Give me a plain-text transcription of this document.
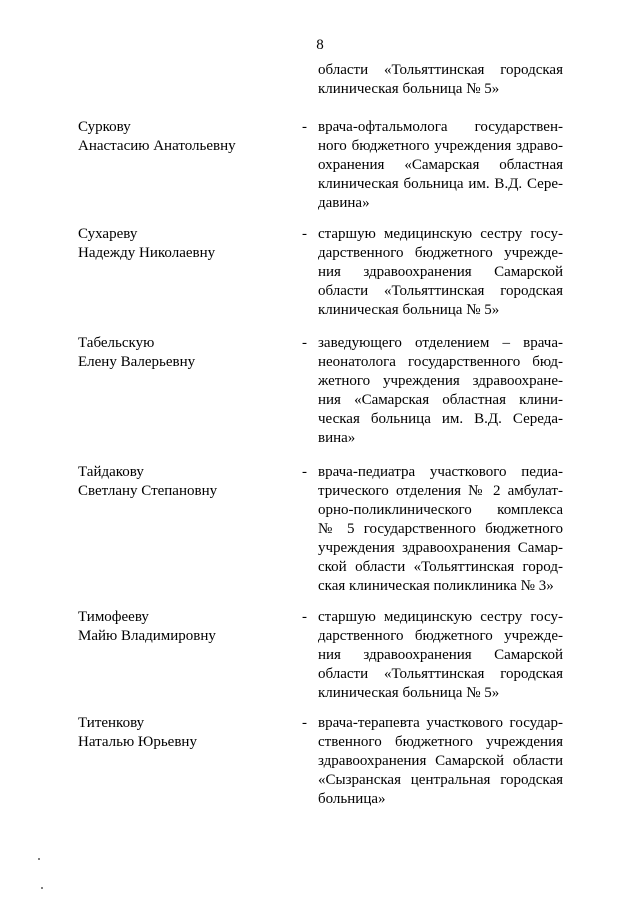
8
области «Тольяттинская городская
клиническая больница № 5»
Суркову
Анастасию Анатольевну
- врача-офтальмолога государствен-
ного бюджетного учреждения здраво-
охранения «Самарская областная
клиническая больница им. В.Д. Сере-
давина»
Сухареву
Надежду Николаевну
- старшую медицинскую сестру госу-
дарственного бюджетного учрежде-
ния здравоохранения Самарской
области «Тольяттинская городская
клиническая больница № 5»
Табельскую
Елену Валерьевну
- заведующего отделением – врача-
неонатолога государственного бюд-
жетного учреждения здравоохране-
ния «Самарская областная клини-
ческая больница им. В.Д. Середа-
вина»
Тайдакову
Светлану Степановну
- врача-педиатра участкового педиа-
трического отделения № 2 амбулат-
орно-поликлинического комплекса
№ 5 государственного бюджетного
учреждения здравоохранения Самар-
ской области «Тольяттинская город-
ская клиническая поликлиника № 3»
Тимофееву
Майю Владимировну
- старшую медицинскую сестру госу-
дарственного бюджетного учрежде-
ния здравоохранения Самарской
области «Тольяттинская городская
клиническая больница № 5»
Титенкову
Наталью Юрьевну
- врача-терапевта участкового государ-
ственного бюджетного учреждения
здравоохранения Самарской области
«Сызранская центральная городская
больница»
